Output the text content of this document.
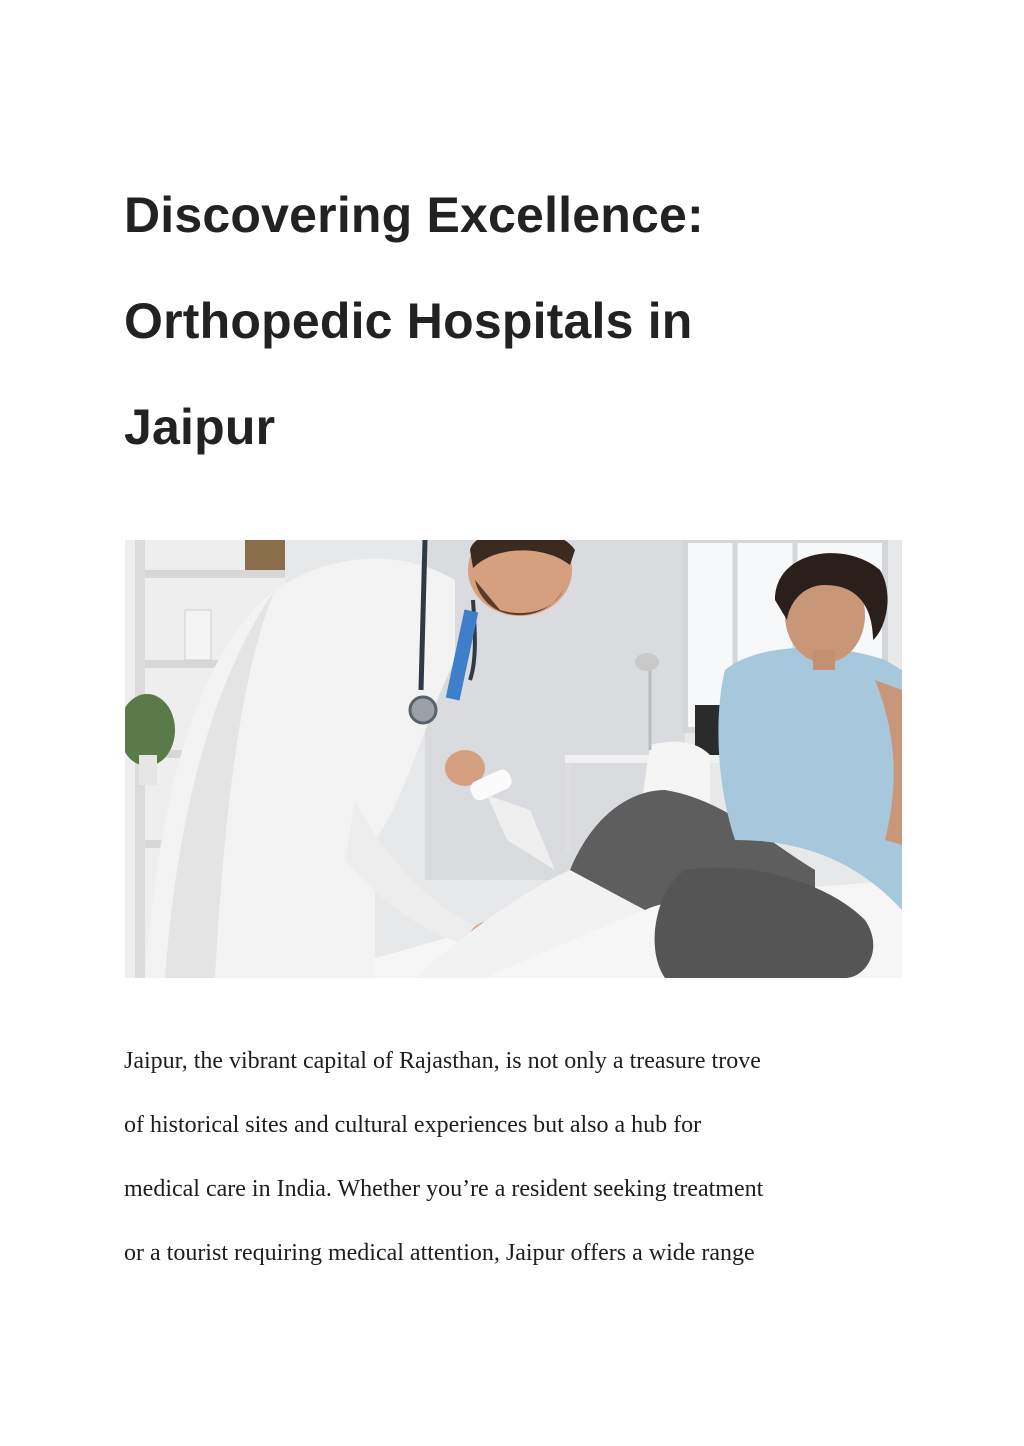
Discovering Excellence:
Orthopedic Hospitals in
Jaipur

Jaipur, the vibrant capital of Rajasthan, is not only a treasure trove
of historical sites and cultural experiences but also a hub for
medical care in India. Whether you’re a resident seeking treatment
or a tourist requiring medical attention, Jaipur offers a wide range
